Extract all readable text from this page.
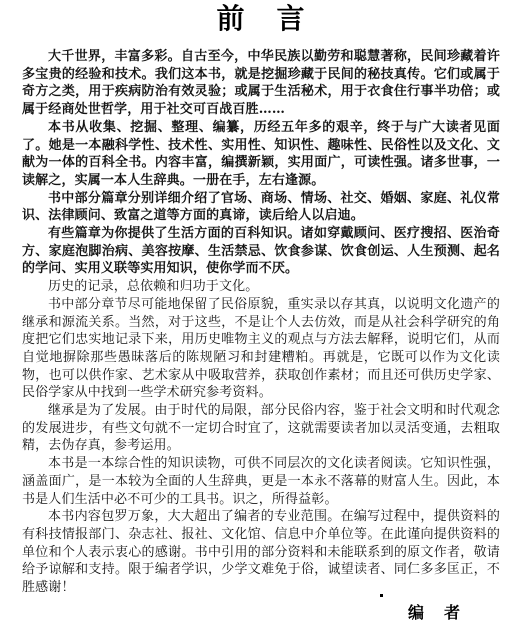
前言

大千世界，丰富多彩。自古至今，中华民族以勤劳和聪慧著称，民间珍藏着许多宝贵的经验和技术。我们这本书，就是挖掘珍藏于民间的秘技真传。它们或属于奇方之类，用于疾病防治有效灵验；或属于生活秘术，用于衣食住行事半功倍；或属于经商处世哲学，用于社交可百战百胜……

本书从收集、挖掘、整理、编纂，历经五年多的艰辛，终于与广大读者见面了。她是一本融科学性、技术性、实用性、知识性、趣味性、民俗性以及文化、文献为一体的百科全书。内容丰富，编撰新颖，实用面广，可读性强。诸多世事，一读解之，实属一本人生辞典。一册在手，左右逢源。

书中部分篇章分别详细介绍了官场、商场、情场、社交、婚姻、家庭、礼仪常识、法律顾问、致富之道等方面的真谛，读后给人以启迪。

有些篇章为你提供了生活方面的百科知识。诸如穿戴顾问、医疗搜招、医治奇方、家庭泡脚治病、美容按摩、生活禁忌、饮食参谋、饮食创运、人生预测、起名的学问、实用义联等实用知识，使你学而不厌。

历史的记录，总依赖和归功于文化。

书中部分章节尽可能地保留了民俗原貌，重实录以存其真，以说明文化遗产的继承和源流关系。当然，对于这些，不是让个人去仿效，而是从社会科学研究的角度把它们忠实地记录下来，用历史唯物主义的观点与方法去解释，说明它们，从而自觉地摒除那些愚昧落后的陈规陋习和封建糟粕。再就是，它既可以作为文化读物，也可以供作家、艺术家从中吸取营养，获取创作素材；而且还可供历史学家、民俗学家从中找到一些学术研究参考资料。

继承是为了发展。由于时代的局限，部分民俗内容，鉴于社会文明和时代观念的发展进步，有些文句就不一定切合时宜了，这就需要读者加以灵活变通，去粗取精，去伪存真，参考运用。

本书是一本综合性的知识读物，可供不同层次的文化读者阅读。它知识性强，涵盖面广，是一本较为全面的人生辞典，更是一本永不落幕的财富人生。因此，本书是人们生活中必不可少的工具书。识之，所得益彰。

本书内容包罗万象，大大超出了编者的专业范围。在编写过程中，提供资料的有科技情报部门、杂志社、报社、文化馆、信息中介单位等。在此谨向提供资料的单位和个人表示衷心的感谢。书中引用的部分资料和未能联系到的原文作者，敬请给予谅解和支持。限于编者学识，少学文难免于俗，诚望读者、同仁多多匡正，不胜感谢！

编者
